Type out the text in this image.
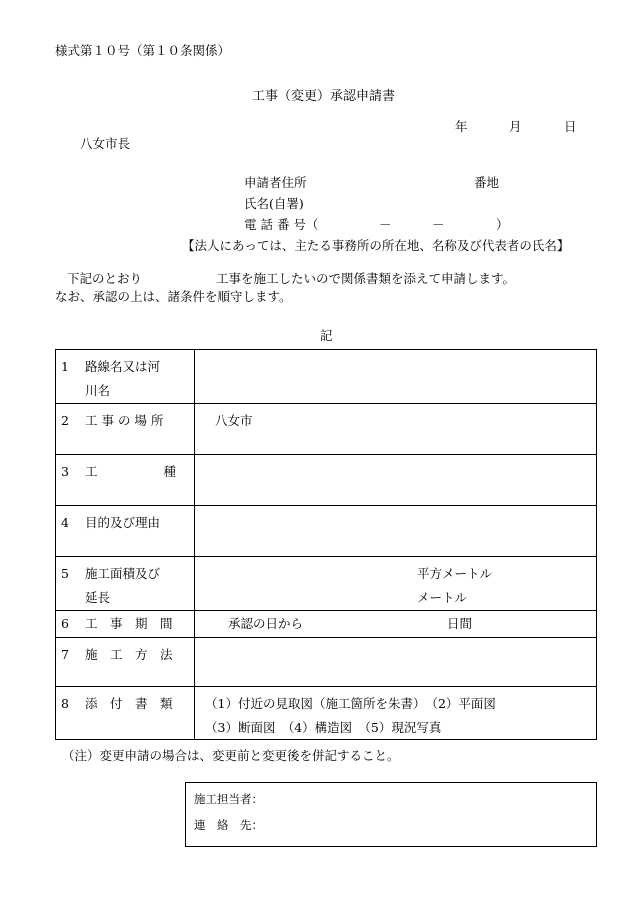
様式第１０号（第１０条関係）
工事（変更）承認申請書
年	月	日
八女市長
申請者住所	番地
氏名(自署)
電 話 番 号（	－	－	）
【法人にあっては、主たる事務所の所在地、名称及び代表者の氏名】
下記のとおり	工事を施工したいので関係書類を添えて申請します。
なお、承認の上は、諸条件を順守します。
記
1 路線名又は河
川名	

2 工 事 の 場 所	八女市

3 工 種	

4 目的及び理由	

5 施工面積及び
延長	平方メートル
メートル

6 工　事　期　間	承認の日から 日間

7 施　工　方　法	

8 添　付　書　類	（1）付近の見取図（施工箇所を朱書）　（2）平面図
（3）断面図　（4）構造図　（5）現況写真
（注）変更申請の場合は、変更前と変更後を併記すること。
施工担当者：
連　絡　先：
